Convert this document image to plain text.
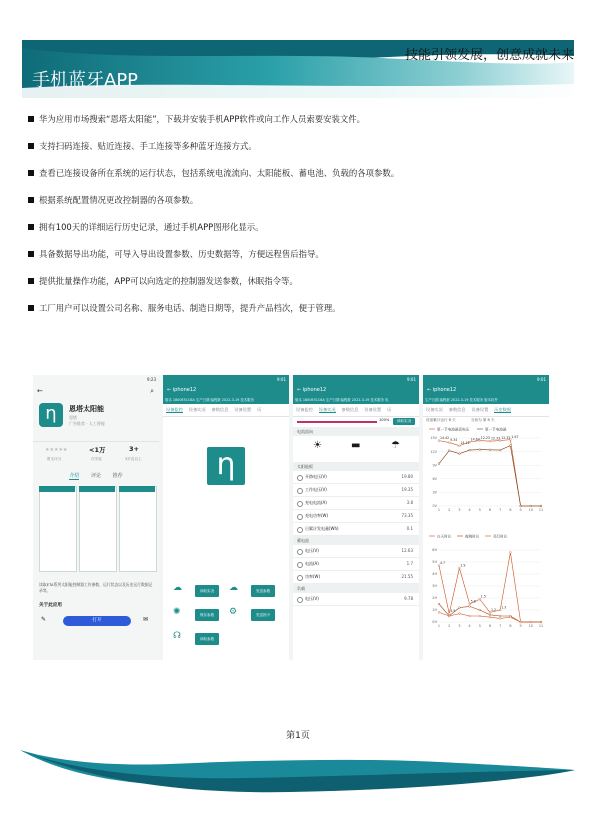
技能引领发展，创意成就未来
手机蓝牙APP
华为应用市场搜索“恩塔太阳能”，下载并安装手机APP软件或向工作人员索要安装文件。
支持扫码连接、贴近连接、手工连接等多种蓝牙连接方式。
查看已连接设备所在系统的运行状态，包括系统电流流向、太阳能板、蓄电池、负载的各项参数。
根据系统配置情况更改控制器的各项参数。
拥有100天的详细运行历史记录，通过手机APP图形化显示。
具备数据导出功能，可导入导出设置参数、历史数据等，方便远程售后指导。
提供批量操作功能，APP可以向选定的控制器发送参数，休眠指令等。
工厂用户可以设置公司名称、服务电话、制造日期等，提升产品档次，便于管理。
9:23
←	⌕
η	恩塔太阳能
恩塔
广告推荐 · 人工智能
★★★★★
暂无评分
<1万
次安装
3+
3岁及以上
介绍 评论 推荐
读取ETA系列太阳能控制器工作参数、运行状态以及历史运行数据记录等。
关于此应用
✎	打开	✉
9:01
← iphone12
版本 1800E51C6A 生产日期 编程数 2022-3-19 技术服务
设备监控 设备实况 参数信息 设备设置 历
η
☁	读取实况	☁	发送参数
✺	保存参数	⚙	发送指令
☊	读取参数
9:01
← iphone12
版本 1800E51C6A 生产日期 编程数 2022-3-19 技术服务 电
设备监控 设备实况 参数信息 设备设置 历
100%	读取实况
电流流向
☀	▬	☂
太阳能板
开路电压(V)	19.80
工作电压(V)	19.35
充电电流(A)	3.8
充电功率(W)	73.35
日累计发电量(Wh)	0.1
蓄电池
电压(V)	12.63
电流(A)	1.7
功率(W)	21.55
负载
电压(V)	9.78
9:01
← iphone12
生产日期 编程数 2022-3-19 技术服务 版本软件
设备实况 参数信息 设备设置 历史数据
设备累计运行 8 天	当前为 第 8 天
第一节电池最高电压	第一节电池最
0V
3V
6V
9V
12V
15V
1 2 3 4 5 6 7 8 9 10 11
14.42 9.34
14.12
14.64 12.23 12.33 12.33 1.97

白天时长	夜晚时长	亮灯时长
0H
1H
2H
3H
4H
5H
6H
1 2 3 4 5 6 7 8 9 10 11
4.7
4.5
1.9
5.8
1.5
1.2
1.3
第1页
